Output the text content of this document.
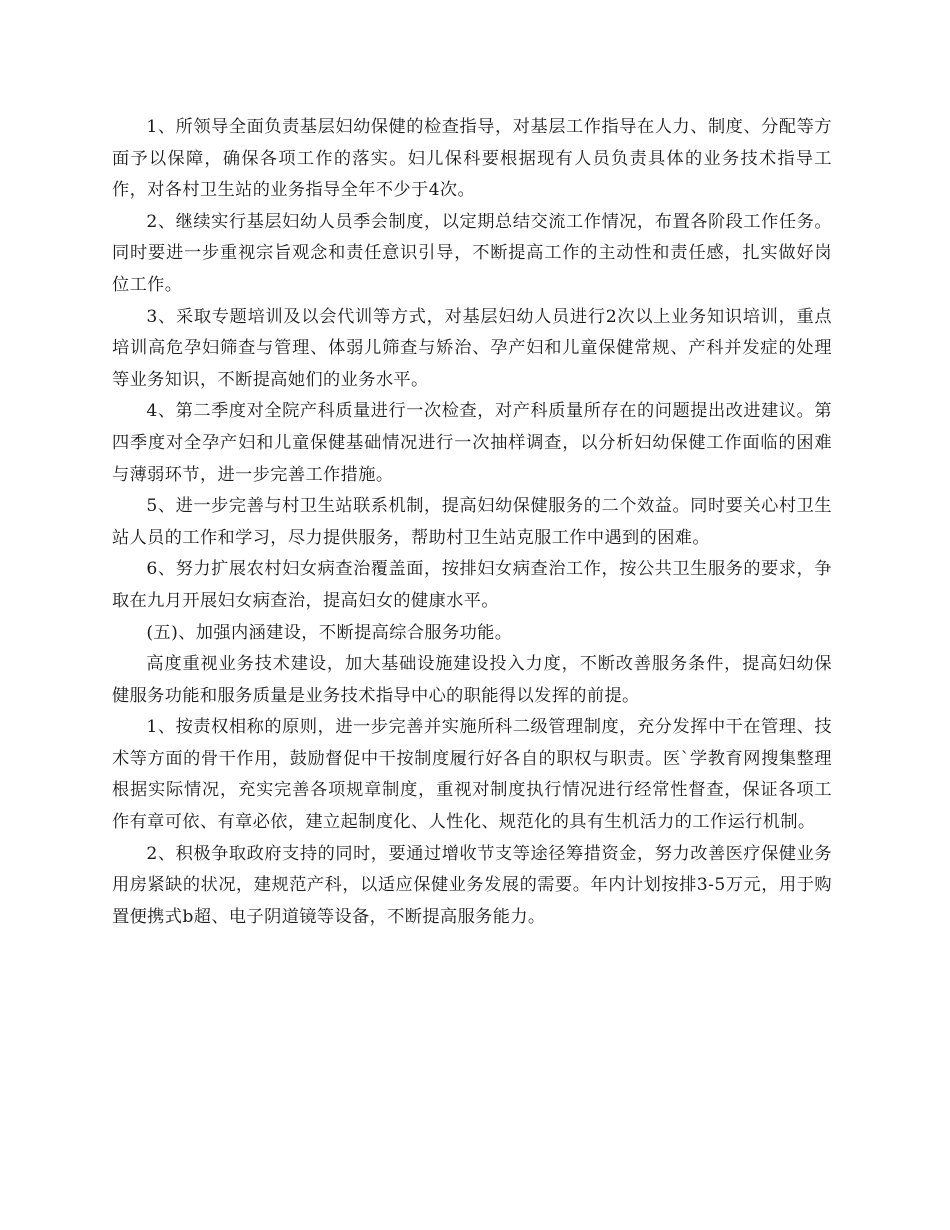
1、所领导全面负责基层妇幼保健的检查指导，对基层工作指导在人力、制度、分配等方面予以保障，确保各项工作的落实。妇儿保科要根据现有人员负责具体的业务技术指导工作，对各村卫生站的业务指导全年不少于4次。

2、继续实行基层妇幼人员季会制度，以定期总结交流工作情况，布置各阶段工作任务。同时要进一步重视宗旨观念和责任意识引导，不断提高工作的主动性和责任感，扎实做好岗位工作。

3、采取专题培训及以会代训等方式，对基层妇幼人员进行2次以上业务知识培训，重点培训高危孕妇筛查与管理、体弱儿筛查与矫治、孕产妇和儿童保健常规、产科并发症的处理等业务知识，不断提高她们的业务水平。

4、第二季度对全院产科质量进行一次检查，对产科质量所存在的问题提出改进建议。第四季度对全孕产妇和儿童保健基础情况进行一次抽样调查，以分析妇幼保健工作面临的困难与薄弱环节，进一步完善工作措施。

5、进一步完善与村卫生站联系机制，提高妇幼保健服务的二个效益。同时要关心村卫生站人员的工作和学习，尽力提供服务，帮助村卫生站克服工作中遇到的困难。

6、努力扩展农村妇女病查治覆盖面，按排妇女病查治工作，按公共卫生服务的要求，争取在九月开展妇女病查治，提高妇女的健康水平。

(五)、加强内涵建设，不断提高综合服务功能。

高度重视业务技术建设，加大基础设施建设投入力度，不断改善服务条件，提高妇幼保健服务功能和服务质量是业务技术指导中心的职能得以发挥的前提。

1、按责权相称的原则，进一步完善并实施所科二级管理制度，充分发挥中干在管理、技术等方面的骨干作用，鼓励督促中干按制度履行好各自的职权与职责。医`学教育网搜集整理根据实际情况，充实完善各项规章制度，重视对制度执行情况进行经常性督查，保证各项工作有章可依、有章必依，建立起制度化、人性化、规范化的具有生机活力的工作运行机制。

2、积极争取政府支持的同时，要通过增收节支等途径筹措资金，努力改善医疗保健业务用房紧缺的状况，建规范产科，以适应保健业务发展的需要。年内计划按排3-5万元，用于购置便携式b超、电子阴道镜等设备，不断提高服务能力。
